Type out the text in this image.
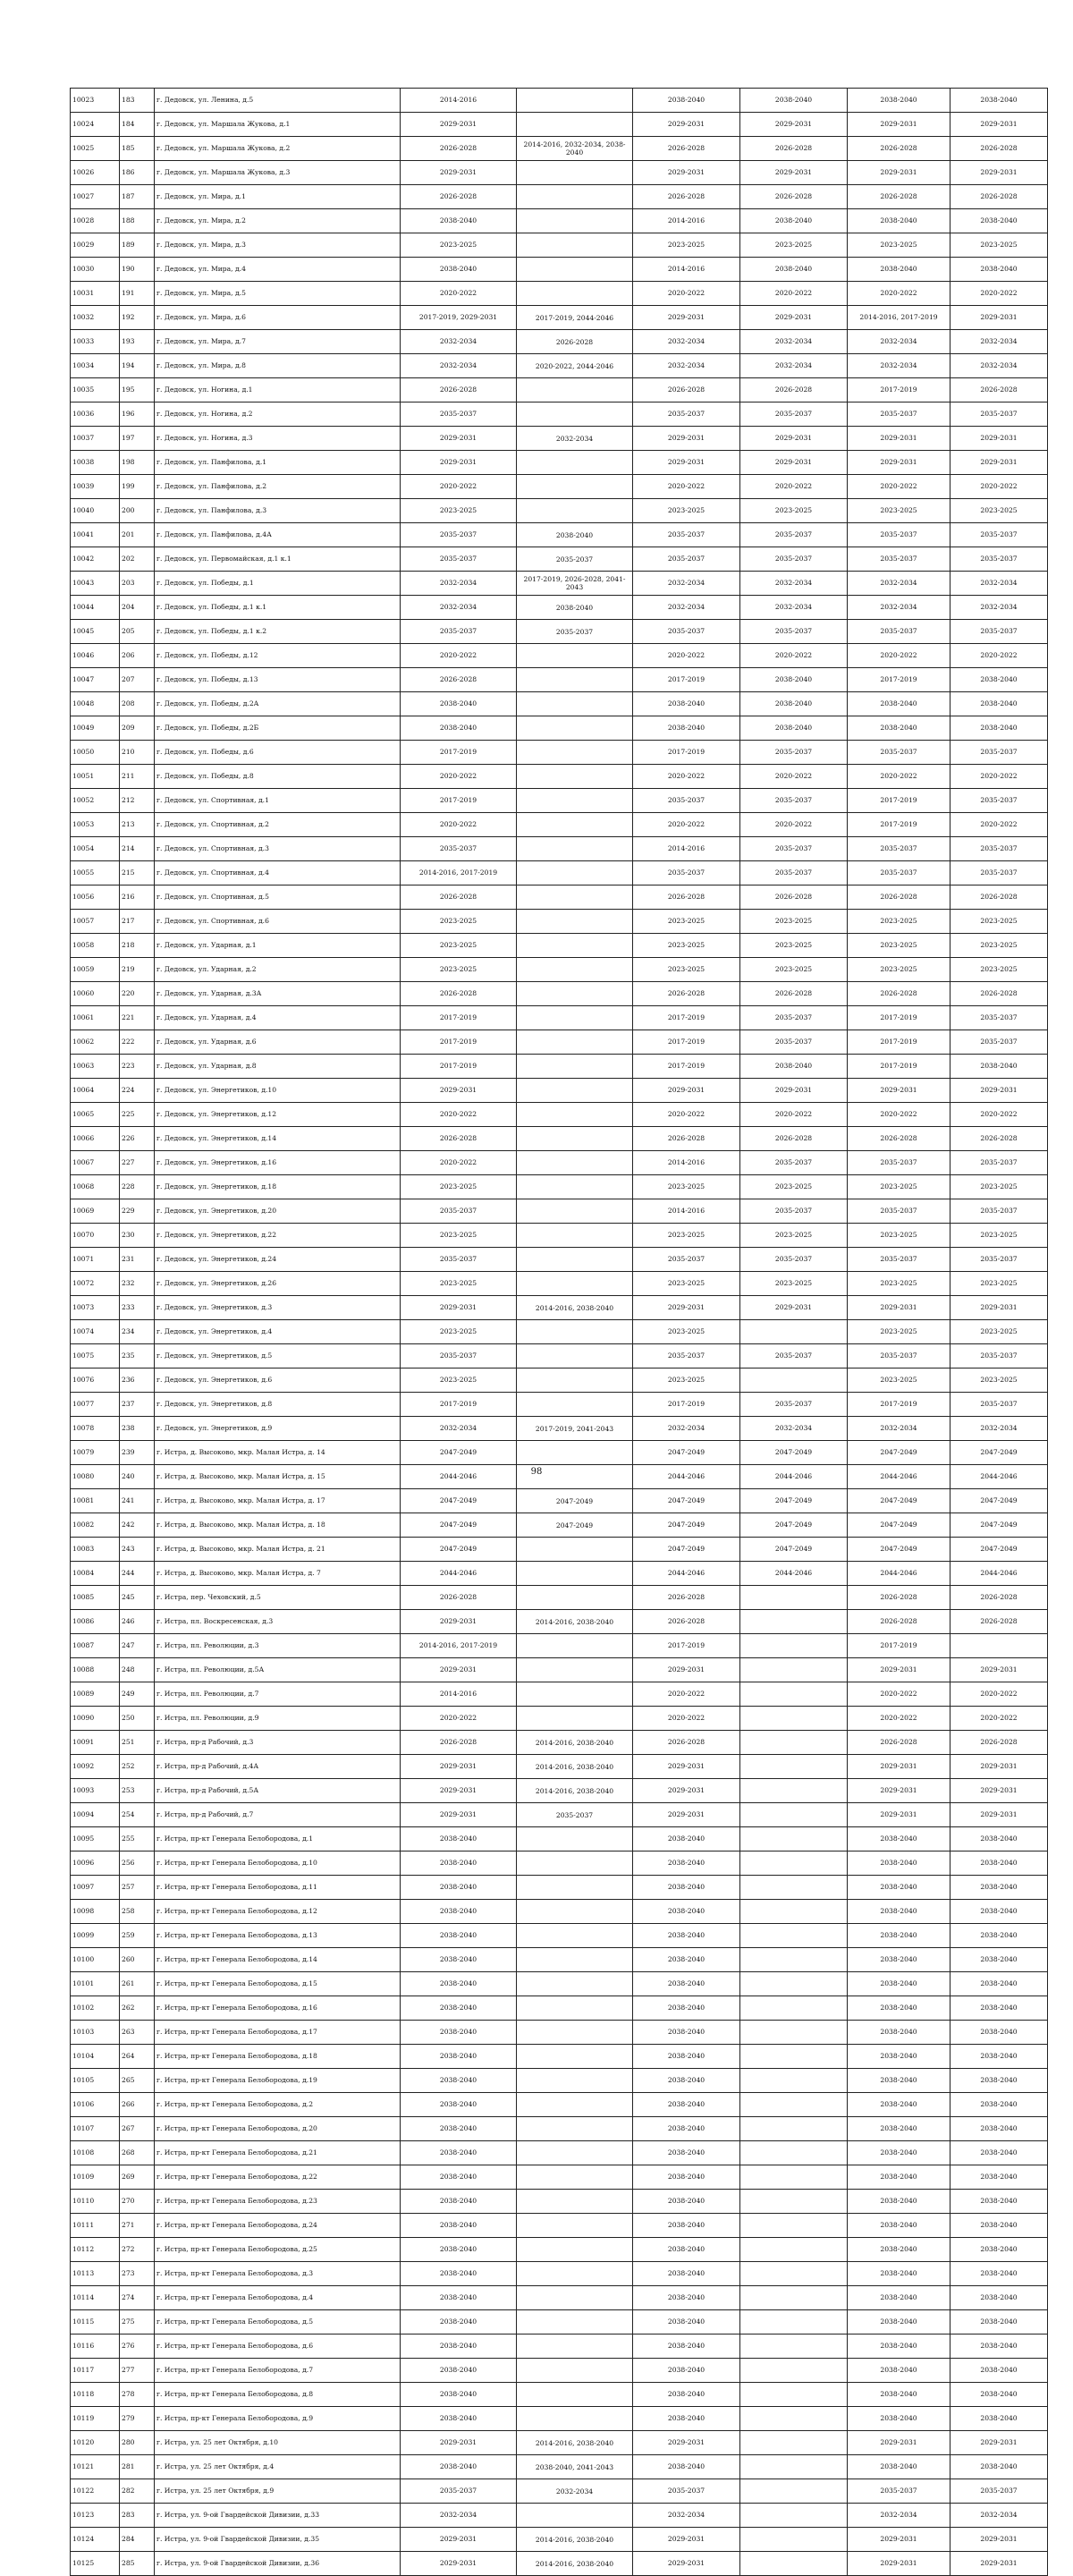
10023	183	г. Дедовск, ул. Ленина, д.5	2014-2016		2038-2040	2038-2040	2038-2040	2038-2040
10024	184	г. Дедовск, ул. Маршала Жукова, д.1	2029-2031		2029-2031	2029-2031	2029-2031	2029-2031
10025	185	г. Дедовск, ул. Маршала Жукова, д.2	2026-2028	2014-2016, 2032-2034, 2038-2040	2026-2028	2026-2028	2026-2028	2026-2028
10026	186	г. Дедовск, ул. Маршала Жукова, д.3	2029-2031		2029-2031	2029-2031	2029-2031	2029-2031
10027	187	г. Дедовск, ул. Мира, д.1	2026-2028		2026-2028	2026-2028	2026-2028	2026-2028
10028	188	г. Дедовск, ул. Мира, д.2	2038-2040		2014-2016	2038-2040	2038-2040	2038-2040
10029	189	г. Дедовск, ул. Мира, д.3	2023-2025		2023-2025	2023-2025	2023-2025	2023-2025
10030	190	г. Дедовск, ул. Мира, д.4	2038-2040		2014-2016	2038-2040	2038-2040	2038-2040
10031	191	г. Дедовск, ул. Мира, д.5	2020-2022		2020-2022	2020-2022	2020-2022	2020-2022
10032	192	г. Дедовск, ул. Мира, д.6	2017-2019, 2029-2031	2017-2019, 2044-2046	2029-2031	2029-2031	2014-2016, 2017-2019	2029-2031
10033	193	г. Дедовск, ул. Мира, д.7	2032-2034	2026-2028	2032-2034	2032-2034	2032-2034	2032-2034
10034	194	г. Дедовск, ул. Мира, д.8	2032-2034	2020-2022, 2044-2046	2032-2034	2032-2034	2032-2034	2032-2034
10035	195	г. Дедовск, ул. Ногина, д.1	2026-2028		2026-2028	2026-2028	2017-2019	2026-2028
10036	196	г. Дедовск, ул. Ногина, д.2	2035-2037		2035-2037	2035-2037	2035-2037	2035-2037
10037	197	г. Дедовск, ул. Ногина, д.3	2029-2031	2032-2034	2029-2031	2029-2031	2029-2031	2029-2031
10038	198	г. Дедовск, ул. Панфилова, д.1	2029-2031		2029-2031	2029-2031	2029-2031	2029-2031
10039	199	г. Дедовск, ул. Панфилова, д.2	2020-2022		2020-2022	2020-2022	2020-2022	2020-2022
10040	200	г. Дедовск, ул. Панфилова, д.3	2023-2025		2023-2025	2023-2025	2023-2025	2023-2025
10041	201	г. Дедовск, ул. Панфилова, д.4А	2035-2037	2038-2040	2035-2037	2035-2037	2035-2037	2035-2037
10042	202	г. Дедовск, ул. Первомайская, д.1 к.1	2035-2037	2035-2037	2035-2037	2035-2037	2035-2037	2035-2037
10043	203	г. Дедовск, ул. Победы, д.1	2032-2034	2017-2019, 2026-2028, 2041-2043	2032-2034	2032-2034	2032-2034	2032-2034
10044	204	г. Дедовск, ул. Победы, д.1 к.1	2032-2034	2038-2040	2032-2034	2032-2034	2032-2034	2032-2034
10045	205	г. Дедовск, ул. Победы, д.1 к.2	2035-2037	2035-2037	2035-2037	2035-2037	2035-2037	2035-2037
10046	206	г. Дедовск, ул. Победы, д.12	2020-2022		2020-2022	2020-2022	2020-2022	2020-2022
10047	207	г. Дедовск, ул. Победы, д.13	2026-2028		2017-2019	2038-2040	2017-2019	2038-2040
10048	208	г. Дедовск, ул. Победы, д.2А	2038-2040		2038-2040	2038-2040	2038-2040	2038-2040
10049	209	г. Дедовск, ул. Победы, д.2Б	2038-2040		2038-2040	2038-2040	2038-2040	2038-2040
10050	210	г. Дедовск, ул. Победы, д.6	2017-2019		2017-2019	2035-2037	2035-2037	2035-2037
10051	211	г. Дедовск, ул. Победы, д.8	2020-2022		2020-2022	2020-2022	2020-2022	2020-2022
10052	212	г. Дедовск, ул. Спортивная, д.1	2017-2019		2035-2037	2035-2037	2017-2019	2035-2037
10053	213	г. Дедовск, ул. Спортивная, д.2	2020-2022		2020-2022	2020-2022	2017-2019	2020-2022
10054	214	г. Дедовск, ул. Спортивная, д.3	2035-2037		2014-2016	2035-2037	2035-2037	2035-2037
10055	215	г. Дедовск, ул. Спортивная, д.4	2014-2016, 2017-2019		2035-2037	2035-2037	2035-2037	2035-2037
10056	216	г. Дедовск, ул. Спортивная, д.5	2026-2028		2026-2028	2026-2028	2026-2028	2026-2028
10057	217	г. Дедовск, ул. Спортивная, д.6	2023-2025		2023-2025	2023-2025	2023-2025	2023-2025
10058	218	г. Дедовск, ул. Ударная, д.1	2023-2025		2023-2025	2023-2025	2023-2025	2023-2025
10059	219	г. Дедовск, ул. Ударная, д.2	2023-2025		2023-2025	2023-2025	2023-2025	2023-2025
10060	220	г. Дедовск, ул. Ударная, д.3А	2026-2028		2026-2028	2026-2028	2026-2028	2026-2028
10061	221	г. Дедовск, ул. Ударная, д.4	2017-2019		2017-2019	2035-2037	2017-2019	2035-2037
10062	222	г. Дедовск, ул. Ударная, д.6	2017-2019		2017-2019	2035-2037	2017-2019	2035-2037
10063	223	г. Дедовск, ул. Ударная, д.8	2017-2019		2017-2019	2038-2040	2017-2019	2038-2040
10064	224	г. Дедовск, ул. Энергетиков, д.10	2029-2031		2029-2031	2029-2031	2029-2031	2029-2031
10065	225	г. Дедовск, ул. Энергетиков, д.12	2020-2022		2020-2022	2020-2022	2020-2022	2020-2022
10066	226	г. Дедовск, ул. Энергетиков, д.14	2026-2028		2026-2028	2026-2028	2026-2028	2026-2028
10067	227	г. Дедовск, ул. Энергетиков, д.16	2020-2022		2014-2016	2035-2037	2035-2037	2035-2037
10068	228	г. Дедовск, ул. Энергетиков, д.18	2023-2025		2023-2025	2023-2025	2023-2025	2023-2025
10069	229	г. Дедовск, ул. Энергетиков, д.20	2035-2037		2014-2016	2035-2037	2035-2037	2035-2037
10070	230	г. Дедовск, ул. Энергетиков, д.22	2023-2025		2023-2025	2023-2025	2023-2025	2023-2025
10071	231	г. Дедовск, ул. Энергетиков, д.24	2035-2037		2035-2037	2035-2037	2035-2037	2035-2037
10072	232	г. Дедовск, ул. Энергетиков, д.26	2023-2025		2023-2025	2023-2025	2023-2025	2023-2025
10073	233	г. Дедовск, ул. Энергетиков, д.3	2029-2031	2014-2016, 2038-2040	2029-2031	2029-2031	2029-2031	2029-2031
10074	234	г. Дедовск, ул. Энергетиков, д.4	2023-2025		2023-2025		2023-2025	2023-2025
10075	235	г. Дедовск, ул. Энергетиков, д.5	2035-2037		2035-2037	2035-2037	2035-2037	2035-2037
10076	236	г. Дедовск, ул. Энергетиков, д.6	2023-2025		2023-2025		2023-2025	2023-2025
10077	237	г. Дедовск, ул. Энергетиков, д.8	2017-2019		2017-2019	2035-2037	2017-2019	2035-2037
10078	238	г. Дедовск, ул. Энергетиков, д.9	2032-2034	2017-2019, 2041-2043	2032-2034	2032-2034	2032-2034	2032-2034
10079	239	г. Истра, д. Высоково, мкр. Малая Истра, д. 14	2047-2049		2047-2049	2047-2049	2047-2049	2047-2049
10080	240	г. Истра, д. Высоково, мкр. Малая Истра, д. 15	2044-2046		2044-2046	2044-2046	2044-2046	2044-2046
10081	241	г. Истра, д. Высоково, мкр. Малая Истра, д. 17	2047-2049	2047-2049	2047-2049	2047-2049	2047-2049	2047-2049
10082	242	г. Истра, д. Высоково, мкр. Малая Истра, д. 18	2047-2049	2047-2049	2047-2049	2047-2049	2047-2049	2047-2049
10083	243	г. Истра, д. Высоково, мкр. Малая Истра, д. 21	2047-2049		2047-2049	2047-2049	2047-2049	2047-2049
10084	244	г. Истра, д. Высоково, мкр. Малая Истра, д. 7	2044-2046		2044-2046	2044-2046	2044-2046	2044-2046
10085	245	г. Истра, пер. Чеховский, д.5	2026-2028		2026-2028		2026-2028	2026-2028
10086	246	г. Истра, пл. Воскресенская, д.3	2029-2031	2014-2016, 2038-2040	2026-2028		2026-2028	2026-2028
10087	247	г. Истра, пл. Революции, д.3	2014-2016, 2017-2019		2017-2019		2017-2019	
10088	248	г. Истра, пл. Революции, д.5А	2029-2031		2029-2031		2029-2031	2029-2031
10089	249	г. Истра, пл. Революции, д.7	2014-2016		2020-2022		2020-2022	2020-2022
10090	250	г. Истра, пл. Революции, д.9	2020-2022		2020-2022		2020-2022	2020-2022
10091	251	г. Истра, пр-д Рабочий, д.3	2026-2028	2014-2016, 2038-2040	2026-2028		2026-2028	2026-2028
10092	252	г. Истра, пр-д Рабочий, д.4А	2029-2031	2014-2016, 2038-2040	2029-2031		2029-2031	2029-2031
10093	253	г. Истра, пр-д Рабочий, д.5А	2029-2031	2014-2016, 2038-2040	2029-2031		2029-2031	2029-2031
10094	254	г. Истра, пр-д Рабочий, д.7	2029-2031	2035-2037	2029-2031		2029-2031	2029-2031
10095	255	г. Истра, пр-кт Генерала Белобородова, д.1	2038-2040		2038-2040		2038-2040	2038-2040
10096	256	г. Истра, пр-кт Генерала Белобородова, д.10	2038-2040		2038-2040		2038-2040	2038-2040
10097	257	г. Истра, пр-кт Генерала Белобородова, д.11	2038-2040		2038-2040		2038-2040	2038-2040
10098	258	г. Истра, пр-кт Генерала Белобородова, д.12	2038-2040		2038-2040		2038-2040	2038-2040
10099	259	г. Истра, пр-кт Генерала Белобородова, д.13	2038-2040		2038-2040		2038-2040	2038-2040
10100	260	г. Истра, пр-кт Генерала Белобородова, д.14	2038-2040		2038-2040		2038-2040	2038-2040
10101	261	г. Истра, пр-кт Генерала Белобородова, д.15	2038-2040		2038-2040		2038-2040	2038-2040
10102	262	г. Истра, пр-кт Генерала Белобородова, д.16	2038-2040		2038-2040		2038-2040	2038-2040
10103	263	г. Истра, пр-кт Генерала Белобородова, д.17	2038-2040		2038-2040		2038-2040	2038-2040
10104	264	г. Истра, пр-кт Генерала Белобородова, д.18	2038-2040		2038-2040		2038-2040	2038-2040
10105	265	г. Истра, пр-кт Генерала Белобородова, д.19	2038-2040		2038-2040		2038-2040	2038-2040
10106	266	г. Истра, пр-кт Генерала Белобородова, д.2	2038-2040		2038-2040		2038-2040	2038-2040
10107	267	г. Истра, пр-кт Генерала Белобородова, д.20	2038-2040		2038-2040		2038-2040	2038-2040
10108	268	г. Истра, пр-кт Генерала Белобородова, д.21	2038-2040		2038-2040		2038-2040	2038-2040
10109	269	г. Истра, пр-кт Генерала Белобородова, д.22	2038-2040		2038-2040		2038-2040	2038-2040
10110	270	г. Истра, пр-кт Генерала Белобородова, д.23	2038-2040		2038-2040		2038-2040	2038-2040
10111	271	г. Истра, пр-кт Генерала Белобородова, д.24	2038-2040		2038-2040		2038-2040	2038-2040
10112	272	г. Истра, пр-кт Генерала Белобородова, д.25	2038-2040		2038-2040		2038-2040	2038-2040
10113	273	г. Истра, пр-кт Генерала Белобородова, д.3	2038-2040		2038-2040		2038-2040	2038-2040
10114	274	г. Истра, пр-кт Генерала Белобородова, д.4	2038-2040		2038-2040		2038-2040	2038-2040
10115	275	г. Истра, пр-кт Генерала Белобородова, д.5	2038-2040		2038-2040		2038-2040	2038-2040
10116	276	г. Истра, пр-кт Генерала Белобородова, д.6	2038-2040		2038-2040		2038-2040	2038-2040
10117	277	г. Истра, пр-кт Генерала Белобородова, д.7	2038-2040		2038-2040		2038-2040	2038-2040
10118	278	г. Истра, пр-кт Генерала Белобородова, д.8	2038-2040		2038-2040		2038-2040	2038-2040
10119	279	г. Истра, пр-кт Генерала Белобородова, д.9	2038-2040		2038-2040		2038-2040	2038-2040
10120	280	г. Истра, ул. 25 лет Октября, д.10	2029-2031	2014-2016, 2038-2040	2029-2031		2029-2031	2029-2031
10121	281	г. Истра, ул. 25 лет Октября, д.4	2038-2040	2038-2040, 2041-2043	2038-2040		2038-2040	2038-2040
10122	282	г. Истра, ул. 25 лет Октября, д.9	2035-2037	2032-2034	2035-2037		2035-2037	2035-2037
10123	283	г. Истра, ул. 9-ой Гвардейской Дивизии, д.33	2032-2034		2032-2034		2032-2034	2032-2034
10124	284	г. Истра, ул. 9-ой Гвардейской Дивизии, д.35	2029-2031	2014-2016, 2038-2040	2029-2031		2029-2031	2029-2031
10125	285	г. Истра, ул. 9-ой Гвардейской Дивизии, д.36	2029-2031	2014-2016, 2038-2040	2029-2031		2029-2031	2029-2031
98
